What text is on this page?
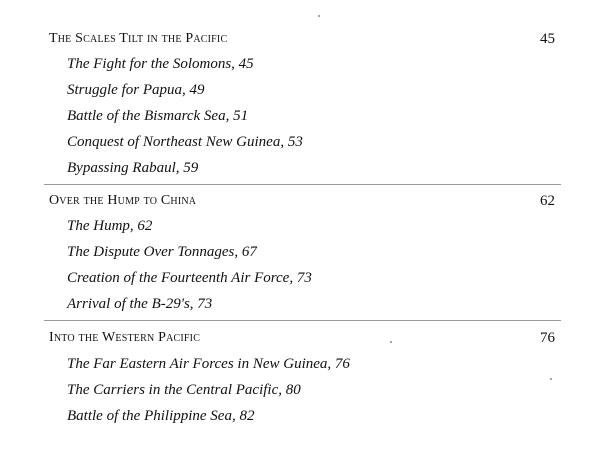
The Scales Tilt in the Pacific	45
The Fight for the Solomons, 45
Struggle for Papua, 49
Battle of the Bismarck Sea, 51
Conquest of Northeast New Guinea, 53
Bypassing Rabaul, 59
Over the Hump to China	62
The Hump, 62
The Dispute Over Tonnages, 67
Creation of the Fourteenth Air Force, 73
Arrival of the B-29's, 73
Into the Western Pacific	76
The Far Eastern Air Forces in New Guinea, 76
The Carriers in the Central Pacific, 80
Battle of the Philippine Sea, 82
